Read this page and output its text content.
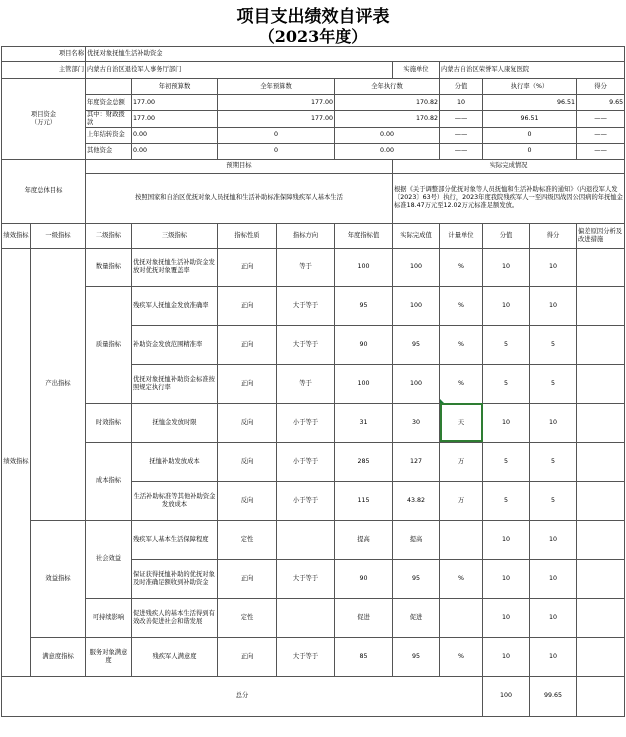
项目支出绩效自评表
（2023年度）
项目名称		优抚对象抚恤生活补助资金									
主管部门		内蒙古自治区退役军人事务厅部门					实施单位	内蒙古自治区荣誉军人康复医院			
项目资金
（万元）			年初预算数	全年预算数		全年执行数		分值	执行率（%）		得分
		年度资金总额	177.00	177.00		170.82		10	96.51		9.65
		其中：财政拨款	177.00	177.00		170.82		——	96.51		——
		上年结转资金	0.00	0		0.00		——	0		——
		其他资金	0.00	0		0.00		——	0		——
年度总体目标		预期目标					实际完成情况				
		按照国家和自治区优抚对象人员抚恤和生活补助标准保障残疾军人基本生活					根据《关于调整部分优抚对象等人员抚恤和生活补助标准的通知》（内退役军人发〔2023〕63号）执行，2023年度我院残疾军人一至四级因战因公因病的年抚恤金标准18.47万元至12.02万元标准足额发放。				
绩效指标	一级指标	二级指标	三级指标	指标性质	指标方向	年度指标值	实际完成值	计量单位	分值	得分	偏差原因分析及改进措施
绩效指标	产出指标	数量指标	优抚对象抚恤生活补助资金发放对优抚对象覆盖率	正向	等于	100	100	%	10	10	
		质量指标	残疾军人抚恤金发放准确率	正向	大于等于	95	100	%	10	10	
			补助资金发放范围精准率	正向	大于等于	90	95	%	5	5	
			优抚对象抚恤补助资金标准按照规定执行率	正向	等于	100	100	%	5	5	
		时效指标	抚恤金发放时限	反向	小于等于	31	30	天	10	10	
		成本指标	抚恤补助发放成本	反向	小于等于	285	127	万	5	5	
			生活补助标准等其他补助资金发放成本	反向	小于等于	115	43.82	万	5	5	
	效益指标	社会效益	残疾军人基本生活保障程度	定性		提高	提高		10	10	
			保证获得抚恤补助的优抚对象及时准确足额收到补助资金	正向	大于等于	90	95	%	10	10	
		可持续影响	促进残疾人的基本生活得到有效改善促进社会和谐发展	定性		促进	促进		10	10	
	满意度指标	服务对象满意度	残疾军人满意度	正向	大于等于	85	95	%	10	10	
总分									100	99.65	
